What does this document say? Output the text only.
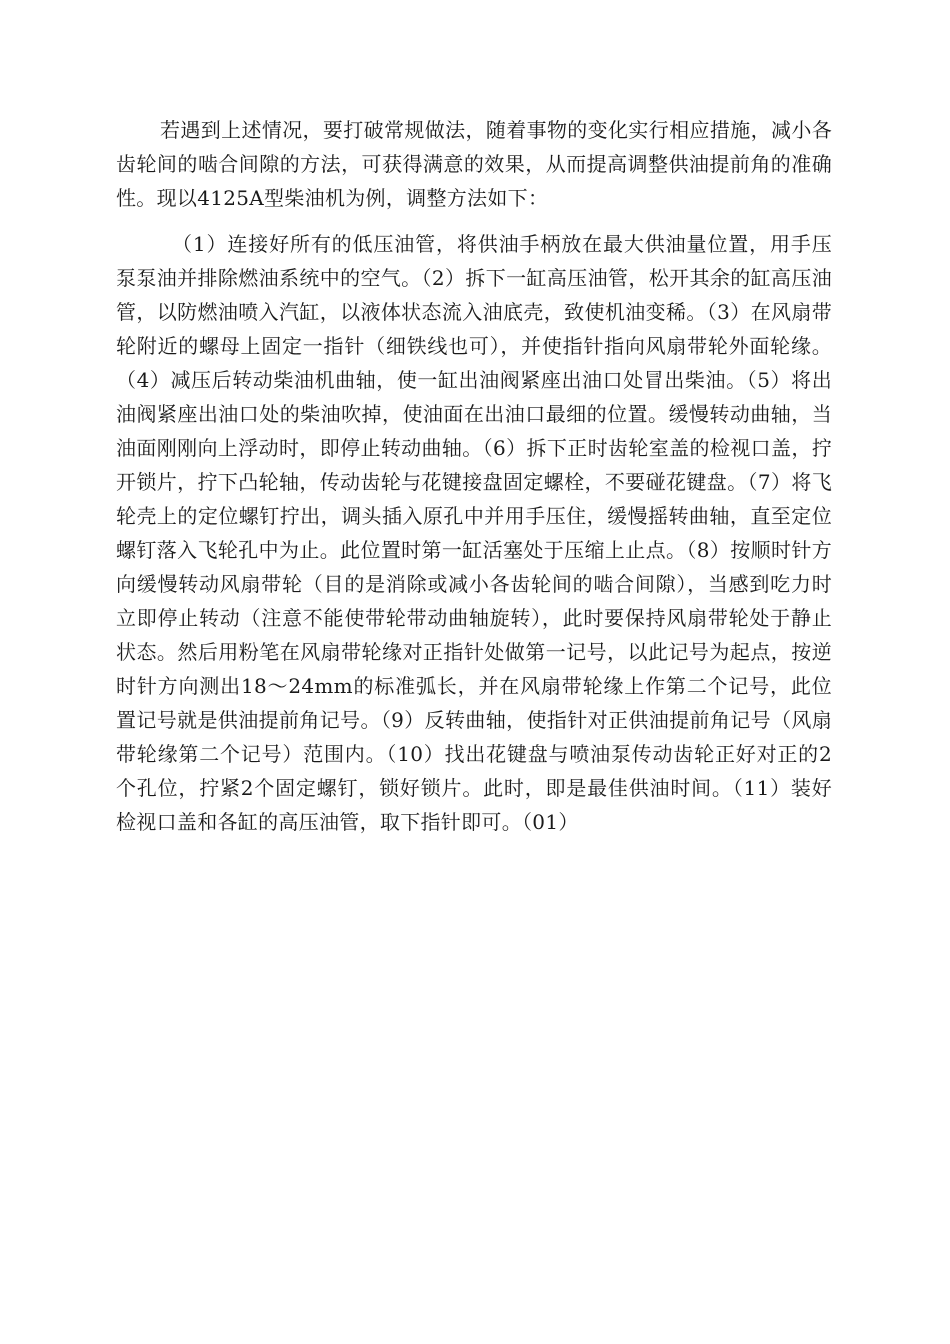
若遇到上述情况，要打破常规做法，随着事物的变化实行相应措施，减小各齿轮间的啮合间隙的方法，可获得满意的效果，从而提高调整供油提前角的准确性。现以4125A型柴油机为例，调整方法如下：

（1）连接好所有的低压油管，将供油手柄放在最大供油量位置，用手压泵泵油并排除燃油系统中的空气。（2）拆下一缸高压油管，松开其余的缸高压油管，以防燃油喷入汽缸，以液体状态流入油底壳，致使机油变稀。（3）在风扇带轮附近的螺母上固定一指针（细铁线也可），并使指针指向风扇带轮外面轮缘。（4）减压后转动柴油机曲轴，使一缸出油阀紧座出油口处冒出柴油。（5）将出油阀紧座出油口处的柴油吹掉，使油面在出油口最细的位置。缓慢转动曲轴，当油面刚刚向上浮动时，即停止转动曲轴。（6）拆下正时齿轮室盖的检视口盖，拧开锁片，拧下凸轮轴，传动齿轮与花键接盘固定螺栓，不要碰花键盘。（7）将飞轮壳上的定位螺钉拧出，调头插入原孔中并用手压住，缓慢摇转曲轴，直至定位螺钉落入飞轮孔中为止。此位置时第一缸活塞处于压缩上止点。（8）按顺时针方向缓慢转动风扇带轮（目的是消除或减小各齿轮间的啮合间隙），当感到吃力时立即停止转动（注意不能使带轮带动曲轴旋转），此时要保持风扇带轮处于静止状态。然后用粉笔在风扇带轮缘对正指针处做第一记号，以此记号为起点，按逆时针方向测出18～24mm的标准弧长，并在风扇带轮缘上作第二个记号，此位置记号就是供油提前角记号。（9）反转曲轴，使指针对正供油提前角记号（风扇带轮缘第二个记号）范围内。（10）找出花键盘与喷油泵传动齿轮正好对正的2个孔位，拧紧2个固定螺钉，锁好锁片。此时，即是最佳供油时间。（11）装好检视口盖和各缸的高压油管，取下指针即可。（01）
